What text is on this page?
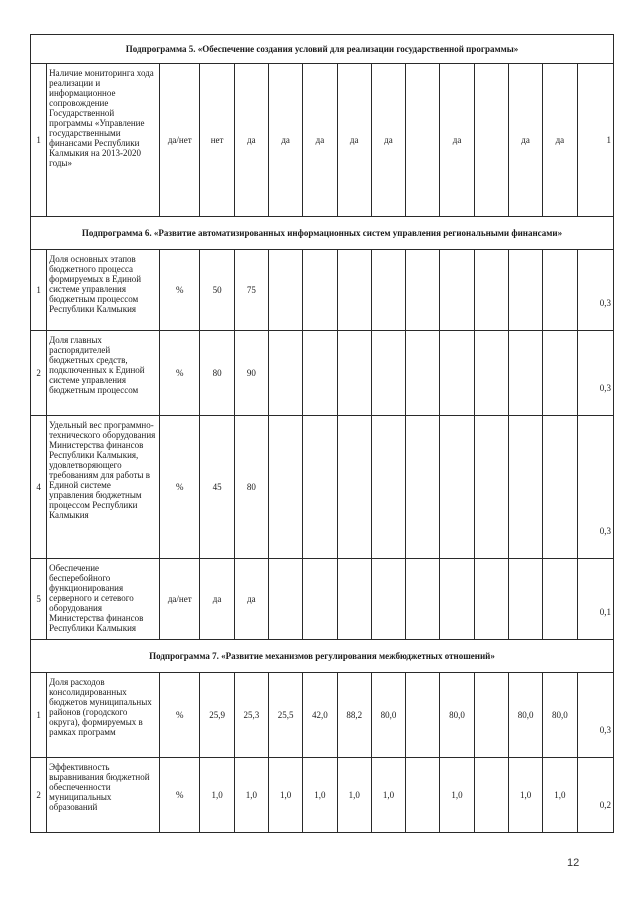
Подпрограмма 5. «Обеспечение создания условий для реализации государственной программы»														
1	Наличие мониторинга хода реализации и информационное сопровождение Государственной программы «Управление государственными финансами Республики Калмыкия на 2013-2020 годы»	да/нет	нет	да	да	да	да	да		да		да	да	1
Подпрограмма 6. «Развитие автоматизированных информационных систем управления региональными финансами»														
1	Доля основных этапов бюджетного процесса формируемых в Единой системе управления бюджетным процессом Республики Калмыкия	%	50	75										0,3
2	Доля главных распорядителей бюджетных средств, подключенных к Единой системе управления бюджетным процессом	%	80	90										0,3
4	Удельный вес программно-технического оборудования Министерства финансов Республики Калмыкия, удовлетворяющего требованиям для работы в Единой системе управления бюджетным процессом Республики Калмыкия	%	45	80										0,3
5	Обеспечение бесперебойного функционирования серверного и сетевого оборудования Министерства финансов Республики Калмыкия	да/нет	да	да										0,1
Подпрограмма 7. «Развитие механизмов регулирования межбюджетных отношений»														
1	Доля расходов консолидированных бюджетов муниципальных районов (городского округа), формируемых в рамках программ	%	25,9	25,3	25,5	42,0	88,2	80,0		80,0		80,0	80,0	0,3
2	Эффективность выравнивания бюджетной обеспеченности муниципальных образований	%	1,0	1,0	1,0	1,0	1,0	1,0		1,0		1,0	1,0	0,2
12
